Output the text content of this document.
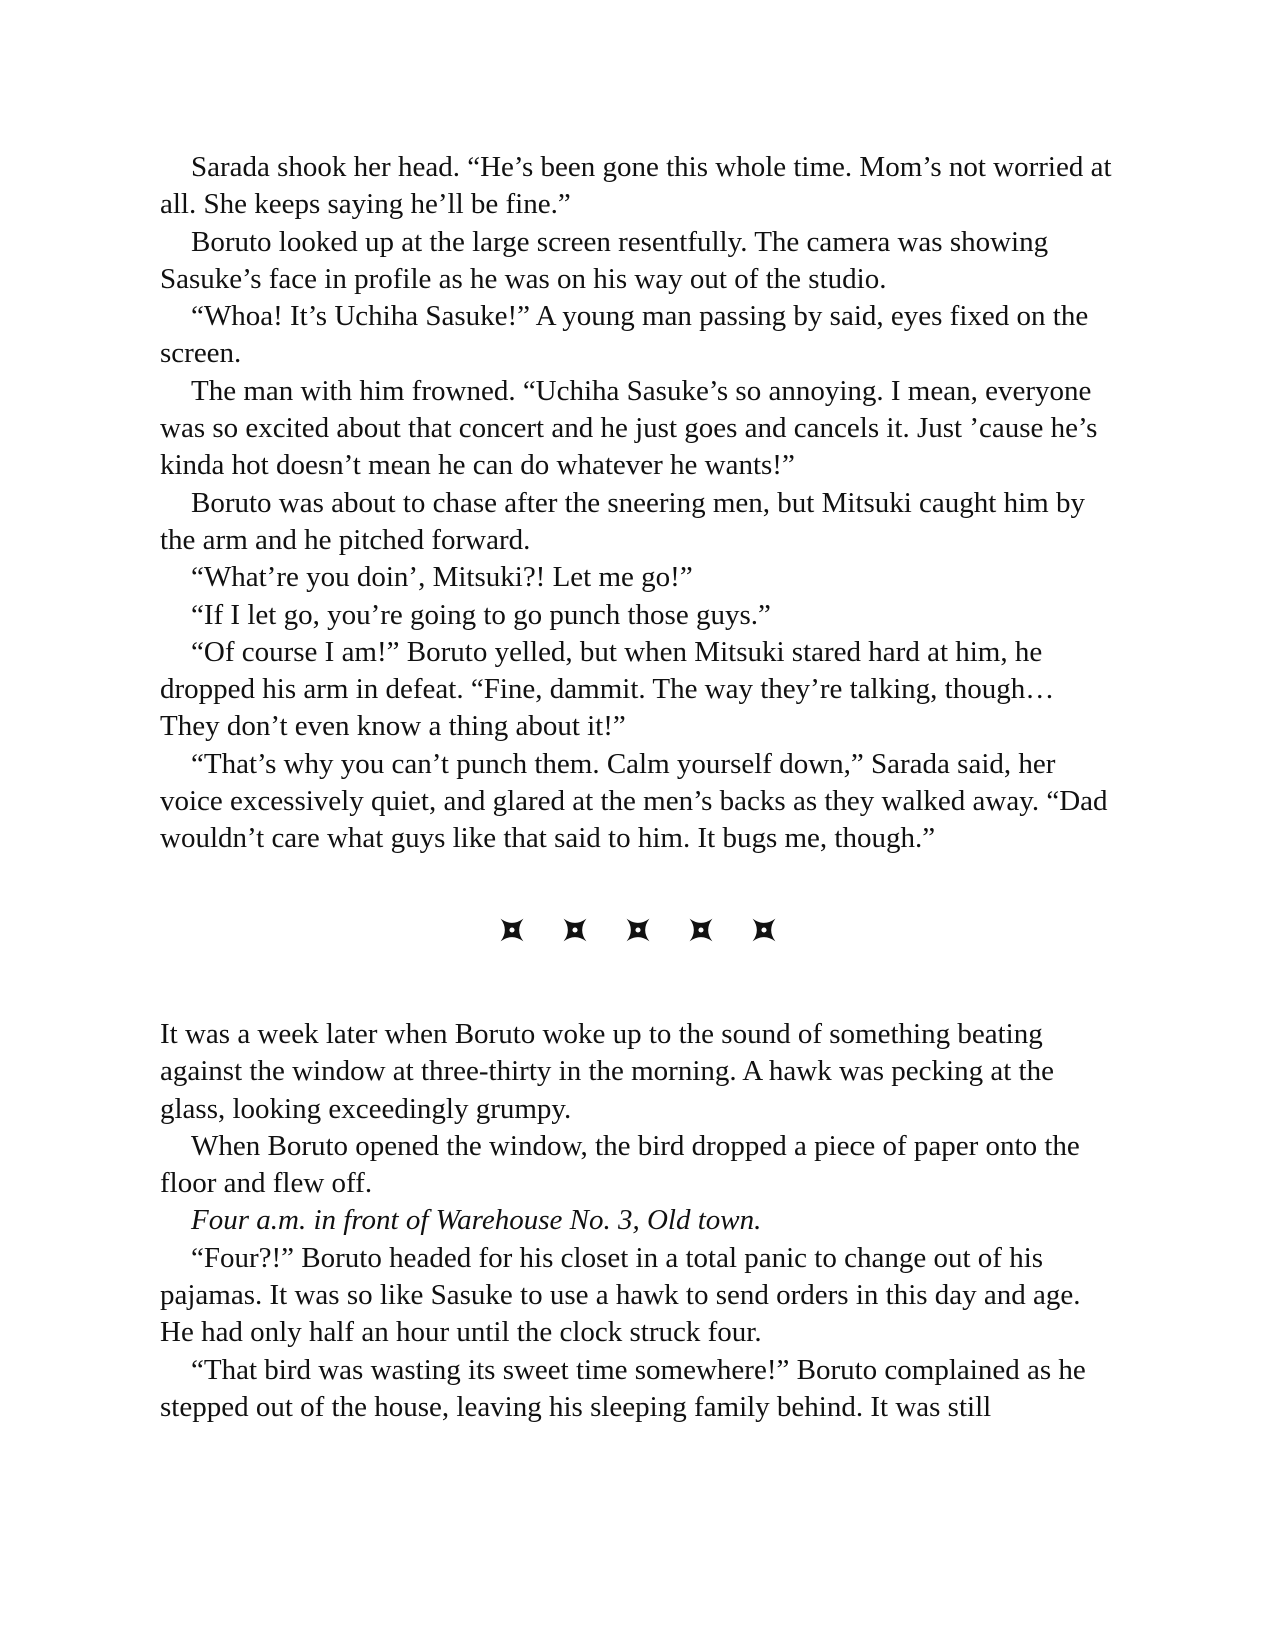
Sarada shook her head. “He’s been gone this whole time. Mom’s not worried at all. She keeps saying he’ll be fine.”

Boruto looked up at the large screen resentfully. The camera was showing Sasuke’s face in profile as he was on his way out of the studio.

“Whoa! It’s Uchiha Sasuke!” A young man passing by said, eyes fixed on the screen.

The man with him frowned. “Uchiha Sasuke’s so annoying. I mean, everyone was so excited about that concert and he just goes and cancels it. Just ’cause he’s kinda hot doesn’t mean he can do whatever he wants!”

Boruto was about to chase after the sneering men, but Mitsuki caught him by the arm and he pitched forward.

“What’re you doin’, Mitsuki?! Let me go!”

“If I let go, you’re going to go punch those guys.”

“Of course I am!” Boruto yelled, but when Mitsuki stared hard at him, he dropped his arm in defeat. “Fine, dammit. The way they’re talking, though… They don’t even know a thing about it!”

“That’s why you can’t punch them. Calm yourself down,” Sarada said, her voice excessively quiet, and glared at the men’s backs as they walked away. “Dad wouldn’t care what guys like that said to him. It bugs me, though.”

It was a week later when Boruto woke up to the sound of something beating against the window at three-thirty in the morning. A hawk was pecking at the glass, looking exceedingly grumpy.

When Boruto opened the window, the bird dropped a piece of paper onto the floor and flew off.

Four a.m. in front of Warehouse No. 3, Old town.

“Four?!” Boruto headed for his closet in a total panic to change out of his pajamas. It was so like Sasuke to use a hawk to send orders in this day and age. He had only half an hour until the clock struck four.

“That bird was wasting its sweet time somewhere!” Boruto complained as he stepped out of the house, leaving his sleeping family behind. It was still
